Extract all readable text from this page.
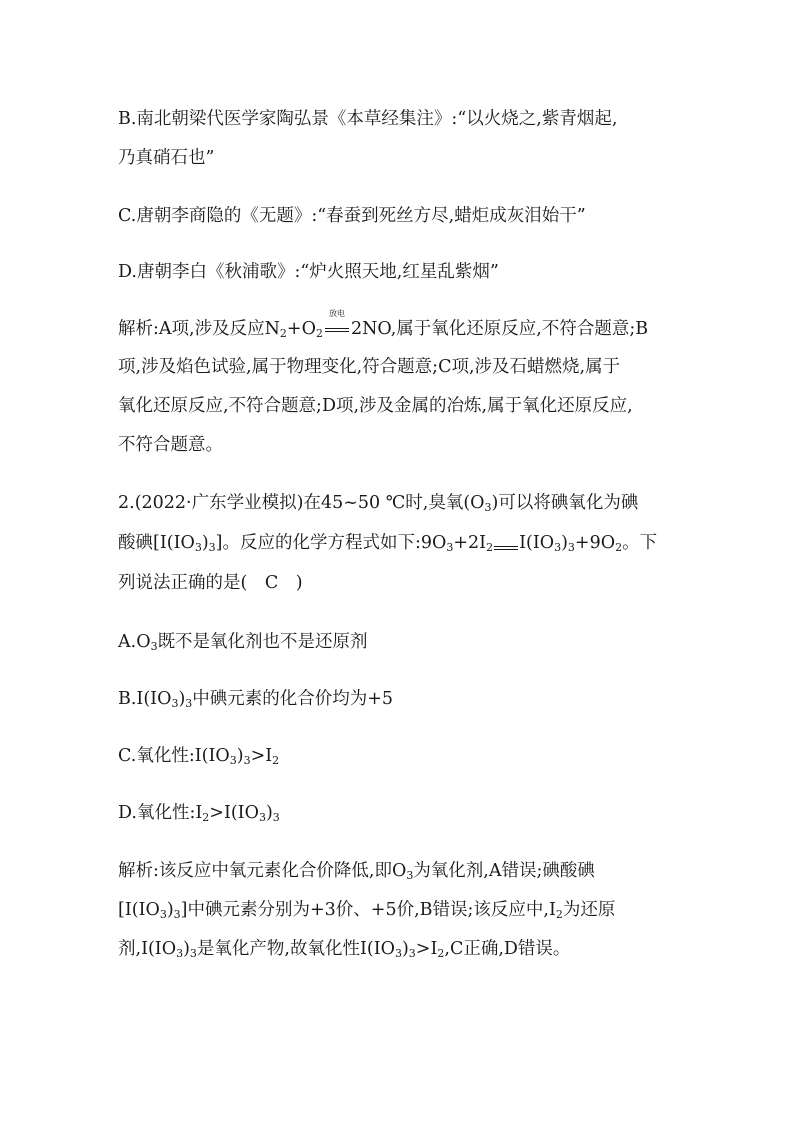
B.南北朝梁代医学家陶弘景《本草经集注》:“以火烧之,紫青烟起,
乃真硝石也”
C.唐朝李商隐的《无题》:“春蚕到死丝方尽,蜡炬成灰泪始干”
D.唐朝李白《秋浦歌》:“炉火照天地,红星乱紫烟”
解析:A项,涉及反应$N_2+O_2$
放电
2NO,属于氧化还原反应,不符合题意;B
项,涉及焰色试验,属于物理变化,符合题意;C项,涉及石蜡燃烧,属于
氧化还原反应,不符合题意;D项,涉及金属的冶炼,属于氧化还原反应,
不符合题意。
2.(2022·广东学业模拟)在45~50 ℃时,臭氧$(O_3)$可以将碘氧化为碘
酸碘$[I(IO_3)_3]$。反应的化学方程式如下$:9O_3+2I_2$ $I(IO_3)_3+9O_2$。下
列说法正确的是(　C　)
$A.O_3$既不是氧化剂也不是还原剂
$B.I(IO_3)_3$中碘元素的化合价均为+5
C.氧化性$:I(IO_3)_3>I_2$
D.氧化性$:I_2>I(IO_3)_3$
解析:该反应中氧元素化合价降低,即$O_3$为氧化剂,A错误;碘酸碘
$[I(IO_3)_3]$中碘元素分别为+3价、+5价,B错误;该反应中$,I_2$为还原
剂$,I(IO_3)_3$是氧化产物,故氧化性$I(IO_3)_3>I_2,C$正确,D错误。
